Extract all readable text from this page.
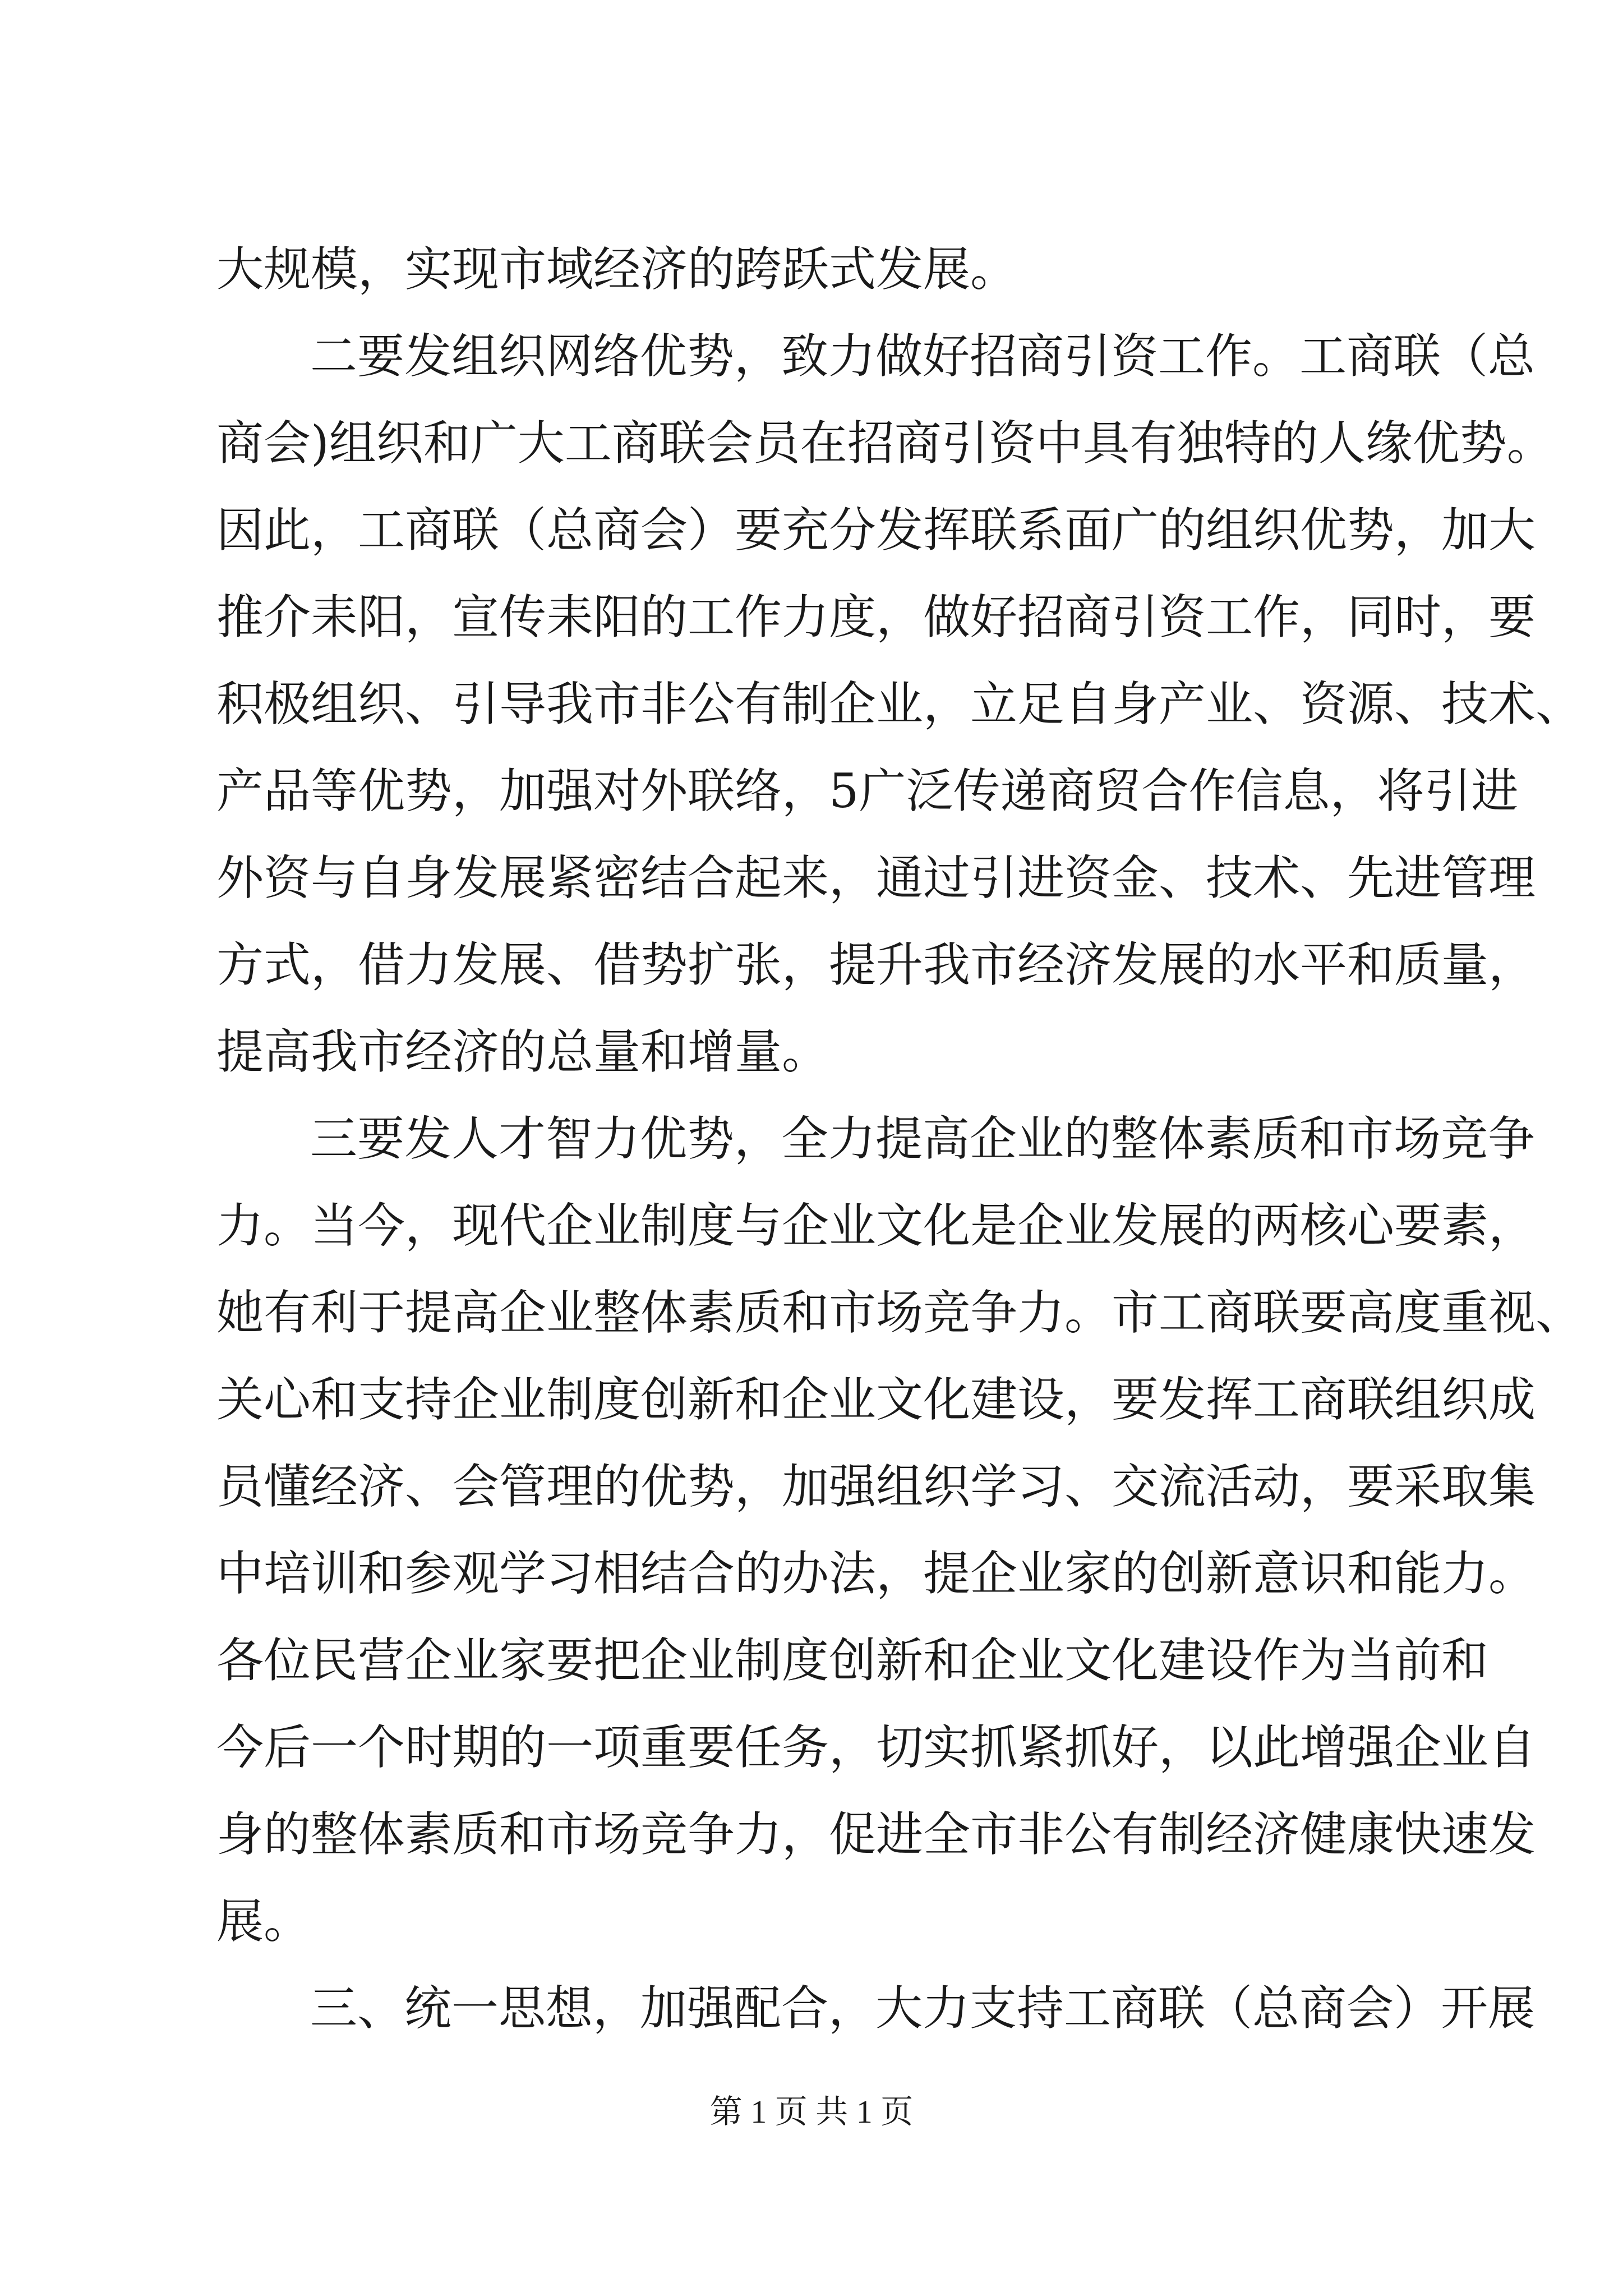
大规模，实现市域经济的跨跃式发展。
二要发组织网络优势，致力做好招商引资工作。工商联（总
商会)组织和广大工商联会员在招商引资中具有独特的人缘优势。
因此，工商联（总商会）要充分发挥联系面广的组织优势，加大
推介耒阳，宣传耒阳的工作力度，做好招商引资工作，同时，要
积极组织、引导我市非公有制企业，立足自身产业、资源、技术、
产品等优势，加强对外联络，5广泛传递商贸合作信息，将引进
外资与自身发展紧密结合起来，通过引进资金、技术、先进管理
方式，借力发展、借势扩张，提升我市经济发展的水平和质量，
提高我市经济的总量和增量。
三要发人才智力优势，全力提高企业的整体素质和市场竞争
力。当今，现代企业制度与企业文化是企业发展的两核心要素，
她有利于提高企业整体素质和市场竞争力。市工商联要高度重视、
关心和支持企业制度创新和企业文化建设，要发挥工商联组织成
员懂经济、会管理的优势，加强组织学习、交流活动，要采取集
中培训和参观学习相结合的办法，提企业家的创新意识和能力。
各位民营企业家要把企业制度创新和企业文化建设作为当前和
今后一个时期的一项重要任务，切实抓紧抓好，以此增强企业自
身的整体素质和市场竞争力，促进全市非公有制经济健康快速发
展。
三、统一思想，加强配合，大力支持工商联（总商会）开展
第 1 页 共 1 页
